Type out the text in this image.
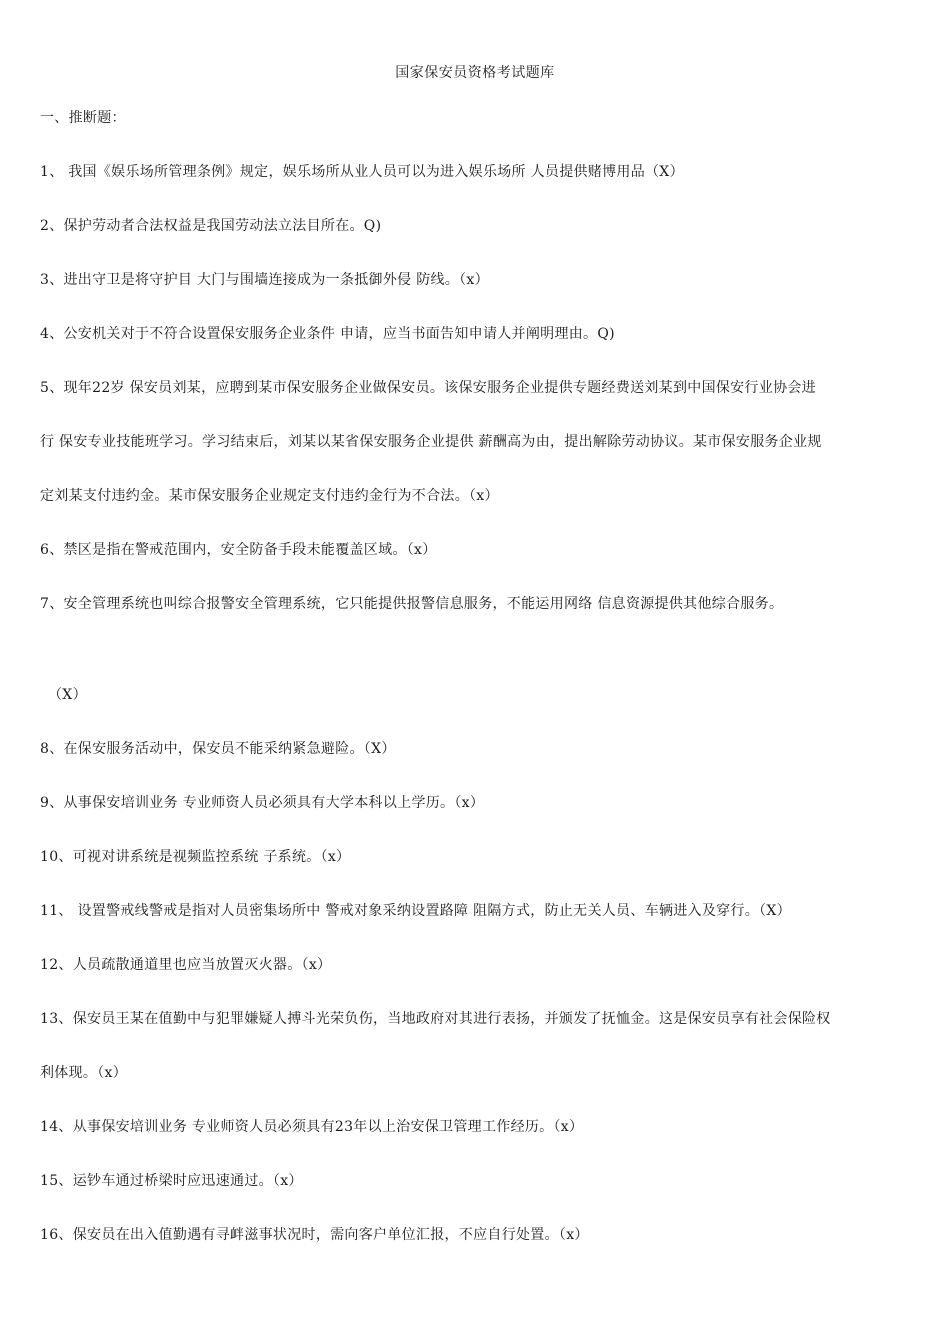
国家保安员资格考试题库
一、推断题：
1、 我国《娱乐场所管理条例》规定，娱乐场所从业人员可以为进入娱乐场所 人员提供赌博用品（X）
2、保护劳动者合法权益是我国劳动法立法目所在。Q)
3、进出守卫是将守护目 大门与围墙连接成为一条抵御外侵 防线。（x）
4、公安机关对于不符合设置保安服务企业条件 申请，应当书面告知申请人并阐明理由。Q)
5、现年22岁 保安员刘某，应聘到某市保安服务企业做保安员。该保安服务企业提供专题经费送刘某到中国保安行业协会进
行 保安专业技能班学习。学习结束后，刘某以某省保安服务企业提供 薪酬高为由，提出解除劳动协议。某市保安服务企业规
定刘某支付违约金。某市保安服务企业规定支付违约金行为不合法。（x）
6、禁区是指在警戒范围内，安全防备手段未能覆盖区域。（x）
7、安全管理系统也叫综合报警安全管理系统，它只能提供报警信息服务，不能运用网络 信息资源提供其他综合服务。
（X）
8、在保安服务活动中，保安员不能采纳紧急避险。（X）
9、从事保安培训业务 专业师资人员必须具有大学本科以上学历。（x）
10、可视对讲系统是视频监控系统 子系统。（x）
11、 设置警戒线警戒是指对人员密集场所中 警戒对象采纳设置路障 阻隔方式，防止无关人员、车辆进入及穿行。（X）
12、人员疏散通道里也应当放置灭火器。（x）
13、保安员王某在值勤中与犯罪嫌疑人搏斗光荣负伤，当地政府对其进行表扬，并颁发了抚恤金。这是保安员享有社会保险权
利体现。（x）
14、从事保安培训业务 专业师资人员必须具有23年以上治安保卫管理工作经历。（x）
15、运钞车通过桥梁时应迅速通过。（x）
16、保安员在出入值勤遇有寻衅滋事状况时，需向客户单位汇报，不应自行处置。（x）
